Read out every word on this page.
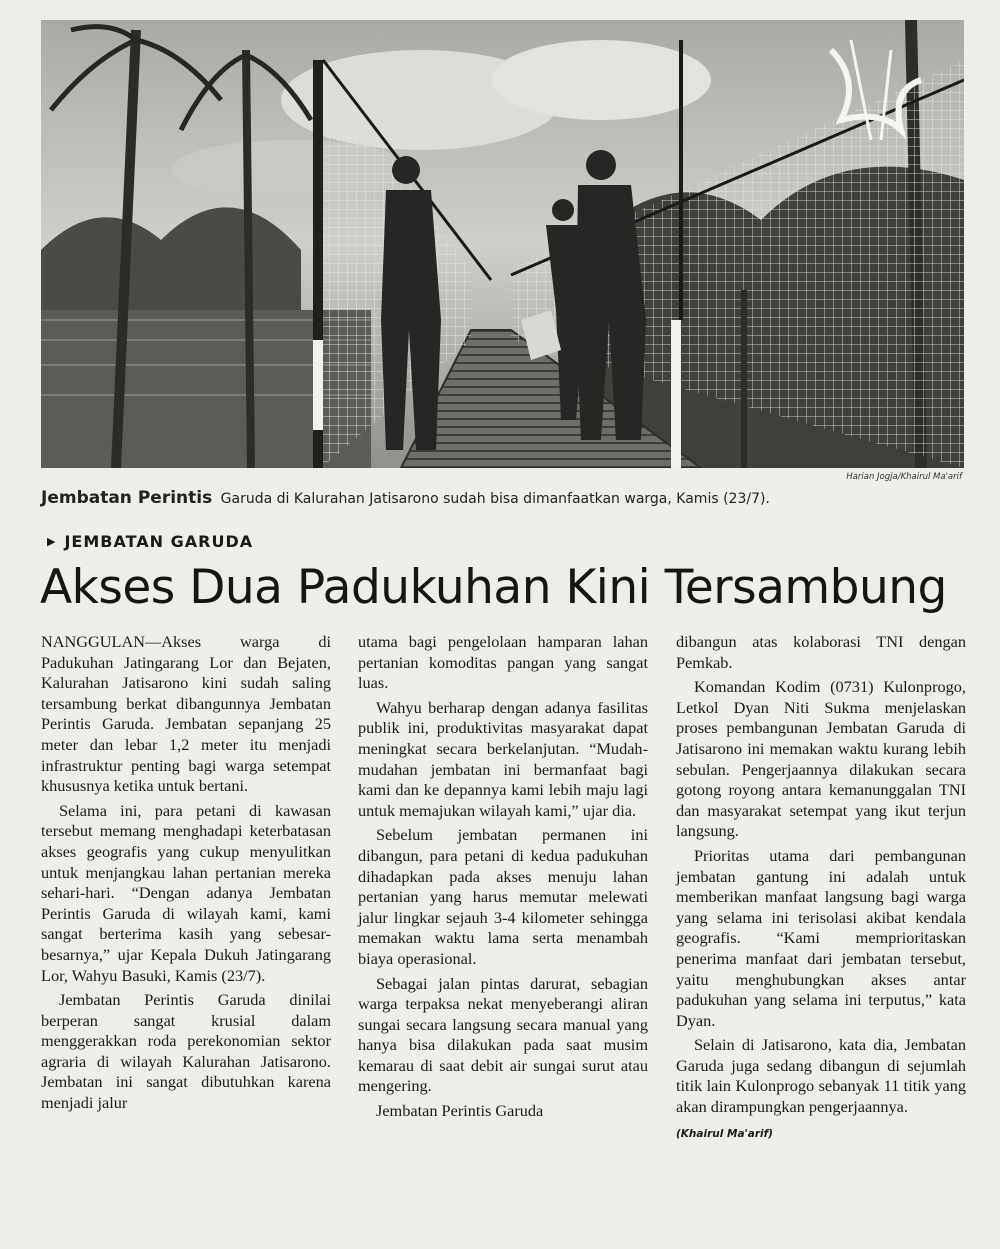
Harian Jogja/Khairul Ma'arif
Jembatan Perintis Garuda di Kalurahan Jatisarono sudah bisa dimanfaatkan warga, Kamis (23/7).
▶ JEMBATAN GARUDA
Akses Dua Padukuhan Kini Tersambung

NANGGULAN—Akses warga di Padukuhan Jatingarang Lor dan Bejaten, Kalurahan Jatisarono kini sudah saling tersambung berkat dibangunnya Jembatan Perintis Garuda. Jembatan sepanjang 25 meter dan lebar 1,2 meter itu menjadi infrastruktur penting bagi warga setempat khususnya ketika untuk bertani.

Selama ini, para petani di kawasan tersebut memang menghadapi keterbatasan akses geografis yang cukup menyulitkan untuk menjangkau lahan pertanian mereka sehari-hari. “Dengan adanya Jembatan Perintis Garuda di wilayah kami, kami sangat berterima kasih yang sebesar-besarnya,” ujar Kepala Dukuh Jatingarang Lor, Wahyu Basuki, Kamis (23/7).

Jembatan Perintis Garuda dinilai berperan sangat krusial dalam menggerakkan roda perekonomian sektor agraria di wilayah Kalurahan Jatisarono. Jembatan ini sangat dibutuhkan karena menjadi jalur

utama bagi pengelolaan hamparan lahan pertanian komoditas pangan yang sangat luas.

Wahyu berharap dengan adanya fasilitas publik ini, produktivitas masyarakat dapat meningkat secara berkelanjutan. “Mudah-mudahan jembatan ini bermanfaat bagi kami dan ke depannya kami lebih maju lagi untuk memajukan wilayah kami,” ujar dia.

Sebelum jembatan permanen ini dibangun, para petani di kedua padukuhan dihadapkan pada akses menuju lahan pertanian yang harus memutar melewati jalur lingkar sejauh 3-4 kilometer sehingga memakan waktu lama serta menambah biaya operasional.

Sebagai jalan pintas darurat, sebagian warga terpaksa nekat menyeberangi aliran sungai secara langsung secara manual yang hanya bisa dilakukan pada saat musim kemarau di saat debit air sungai surut atau mengering.

Jembatan Perintis Garuda

dibangun atas kolaborasi TNI dengan Pemkab.

Komandan Kodim (0731) Kulonprogo, Letkol Dyan Niti Sukma menjelaskan proses pembangunan Jembatan Garuda di Jatisarono ini memakan waktu kurang lebih sebulan. Pengerjaannya dilakukan secara gotong royong antara kemanunggalan TNI dan masyarakat setempat yang ikut terjun langsung.

Prioritas utama dari pembangunan jembatan gantung ini adalah untuk memberikan manfaat langsung bagi warga yang selama ini terisolasi akibat kendala geografis. “Kami memprioritaskan penerima manfaat dari jembatan tersebut, yaitu menghubungkan akses antar padukuhan yang selama ini terputus,” kata Dyan.

Selain di Jatisarono, kata dia, Jembatan Garuda juga sedang dibangun di sejumlah titik lain Kulonprogo sebanyak 11 titik yang akan dirampungkan pengerjaannya.

(Khairul Ma'arif)
